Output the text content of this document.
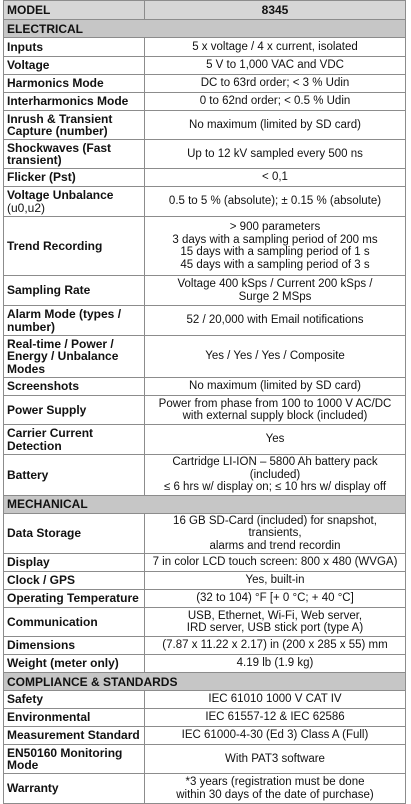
MODEL	8345
ELECTRICAL	
Inputs	5 x voltage / 4 x current, isolated
Voltage	5 V to 1,000 VAC and VDC
Harmonics Mode	DC to 63rd order; < 3 % Udin
Interharmonics Mode	0 to 62nd order; < 0.5 % Udin
Inrush & Transient Capture (number)	No maximum (limited by SD card)
Shockwaves (Fast transient)	Up to 12 kV sampled every 500 ns
Flicker (Pst)	< 0,1

Voltage Unbalance
(u0,u2)	0.5 to 5 % (absolute); ± 0.15 % (absolute)
Trend Recording	> 900 parameters
3 days with a sampling period of 200 ms
15 days with a sampling period of 1 s
45 days with a sampling period of 3 s

Sampling Rate	Voltage 400 kSps / Current 200 kSps /
Surge 2 MSps

Alarm Mode (types / number)	52 / 20,000 with Email notifications
Real-time / Power / Energy / Unbalance Modes	Yes / Yes / Yes / Composite
Screenshots	No maximum (limited by SD card)
Power Supply	Power from phase from 100 to 1000 V AC/DC
with external supply block (included)

Carrier Current Detection	Yes
Battery	Cartridge LI-ION – 5800 Ah battery pack (included)
≤ 6 hrs w/ display on; ≤ 10 hrs w/ display off

MECHANICAL	
Data Storage	16 GB SD-Card (included) for snapshot, transients,
alarms and trend recordin

Display	7 in color LCD touch screen: 800 x 480 (WVGA)
Clock / GPS	Yes, built-in
Operating Temperature	(32 to 104) °F [+ 0 °C; + 40 °C]
Communication	USB, Ethernet, Wi-Fi, Web server,
IRD server, USB stick port (type A)

Dimensions	(7.87 x 11.22 x 2.17) in (200 x 285 x 55) mm
Weight (meter only)	4.19 lb (1.9 kg)
COMPLIANCE & STANDARDS	
Safety	IEC 61010 1000 V CAT IV
Environmental	IEC 61557-12 & IEC 62586
Measurement Standard	IEC 61000-4-30 (Ed 3) Class A (Full)
EN50160 Monitoring Mode	With PAT3 software
Warranty	*3 years (registration must be done
within 30 days of the date of purchase)
